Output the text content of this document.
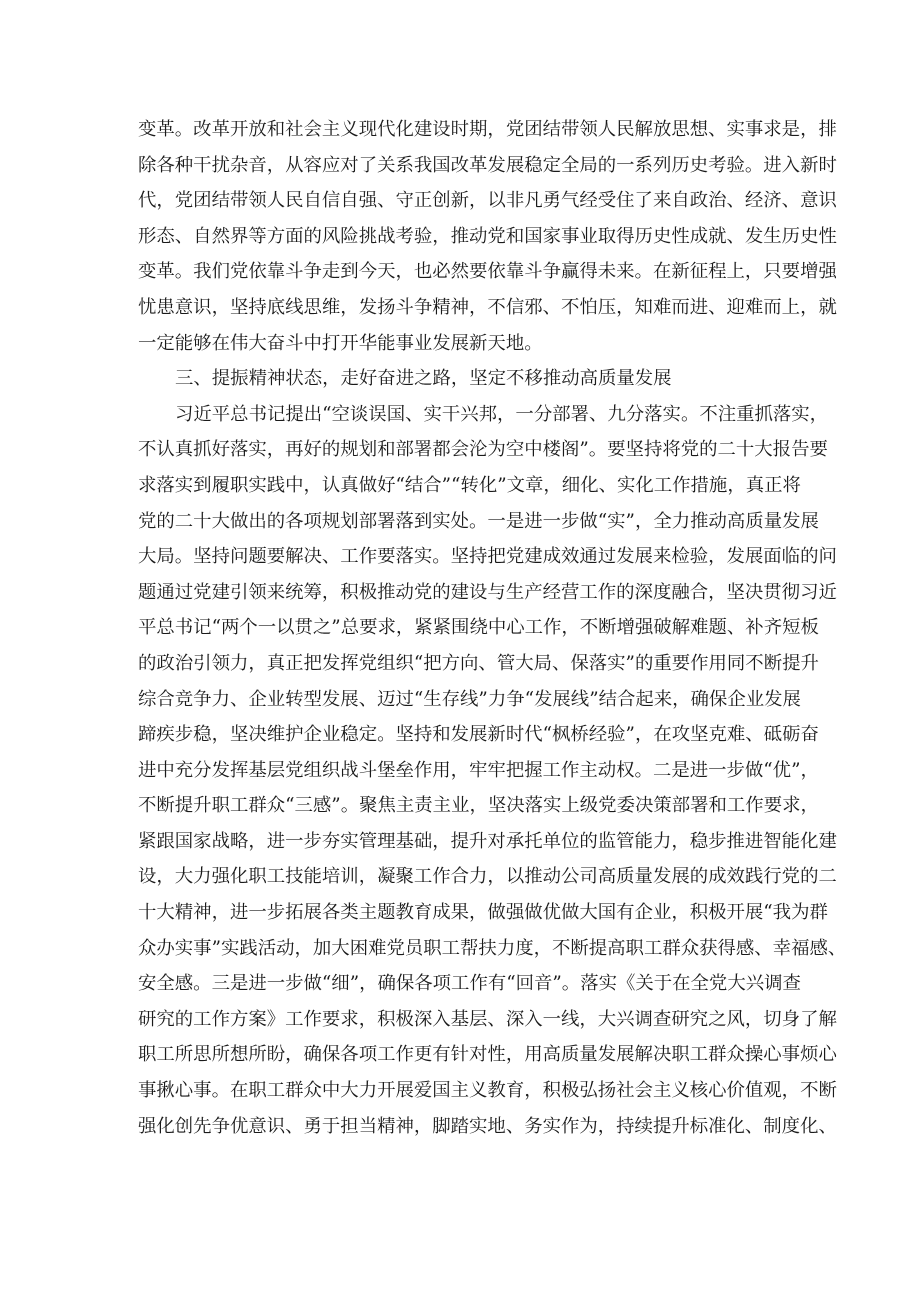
变革。改革开放和社会主义现代化建设时期，党团结带领人民解放思想、实事求是，排
除各种干扰杂音，从容应对了关系我国改革发展稳定全局的一系列历史考验。进入新时
代，党团结带领人民自信自强、守正创新，以非凡勇气经受住了来自政治、经济、意识
形态、自然界等方面的风险挑战考验，推动党和国家事业取得历史性成就、发生历史性
变革。我们党依靠斗争走到今天，也必然要依靠斗争赢得未来。在新征程上，只要增强
忧患意识，坚持底线思维，发扬斗争精神，不信邪、不怕压，知难而进、迎难而上，就
一定能够在伟大奋斗中打开华能事业发展新天地。
三、提振精神状态，走好奋进之路，坚定不移推动高质量发展
习近平总书记提出“空谈误国、实干兴邦，一分部署、九分落实。不注重抓落实，
不认真抓好落实，再好的规划和部署都会沦为空中楼阁”。要坚持将党的二十大报告要
求落实到履职实践中，认真做好“结合”“转化”文章，细化、实化工作措施，真正将
党的二十大做出的各项规划部署落到实处。一是进一步做“实”，全力推动高质量发展
大局。坚持问题要解决、工作要落实。坚持把党建成效通过发展来检验，发展面临的问
题通过党建引领来统筹，积极推动党的建设与生产经营工作的深度融合，坚决贯彻习近
平总书记“两个一以贯之”总要求，紧紧围绕中心工作，不断增强破解难题、补齐短板
的政治引领力，真正把发挥党组织“把方向、管大局、保落实”的重要作用同不断提升
综合竞争力、企业转型发展、迈过“生存线”力争“发展线”结合起来，确保企业发展
蹄疾步稳，坚决维护企业稳定。坚持和发展新时代“枫桥经验”，在攻坚克难、砥砺奋
进中充分发挥基层党组织战斗堡垒作用，牢牢把握工作主动权。二是进一步做“优”，
不断提升职工群众“三感”。聚焦主责主业，坚决落实上级党委决策部署和工作要求，
紧跟国家战略，进一步夯实管理基础，提升对承托单位的监管能力，稳步推进智能化建
设，大力强化职工技能培训，凝聚工作合力，以推动公司高质量发展的成效践行党的二
十大精神，进一步拓展各类主题教育成果，做强做优做大国有企业，积极开展“我为群
众办实事”实践活动，加大困难党员职工帮扶力度，不断提高职工群众获得感、幸福感、
安全感。三是进一步做“细”，确保各项工作有“回音”。落实《关于在全党大兴调查
研究的工作方案》工作要求，积极深入基层、深入一线，大兴调查研究之风，切身了解
职工所思所想所盼，确保各项工作更有针对性，用高质量发展解决职工群众操心事烦心
事揪心事。在职工群众中大力开展爱国主义教育，积极弘扬社会主义核心价值观，不断
强化创先争优意识、勇于担当精神，脚踏实地、务实作为，持续提升标准化、制度化、
